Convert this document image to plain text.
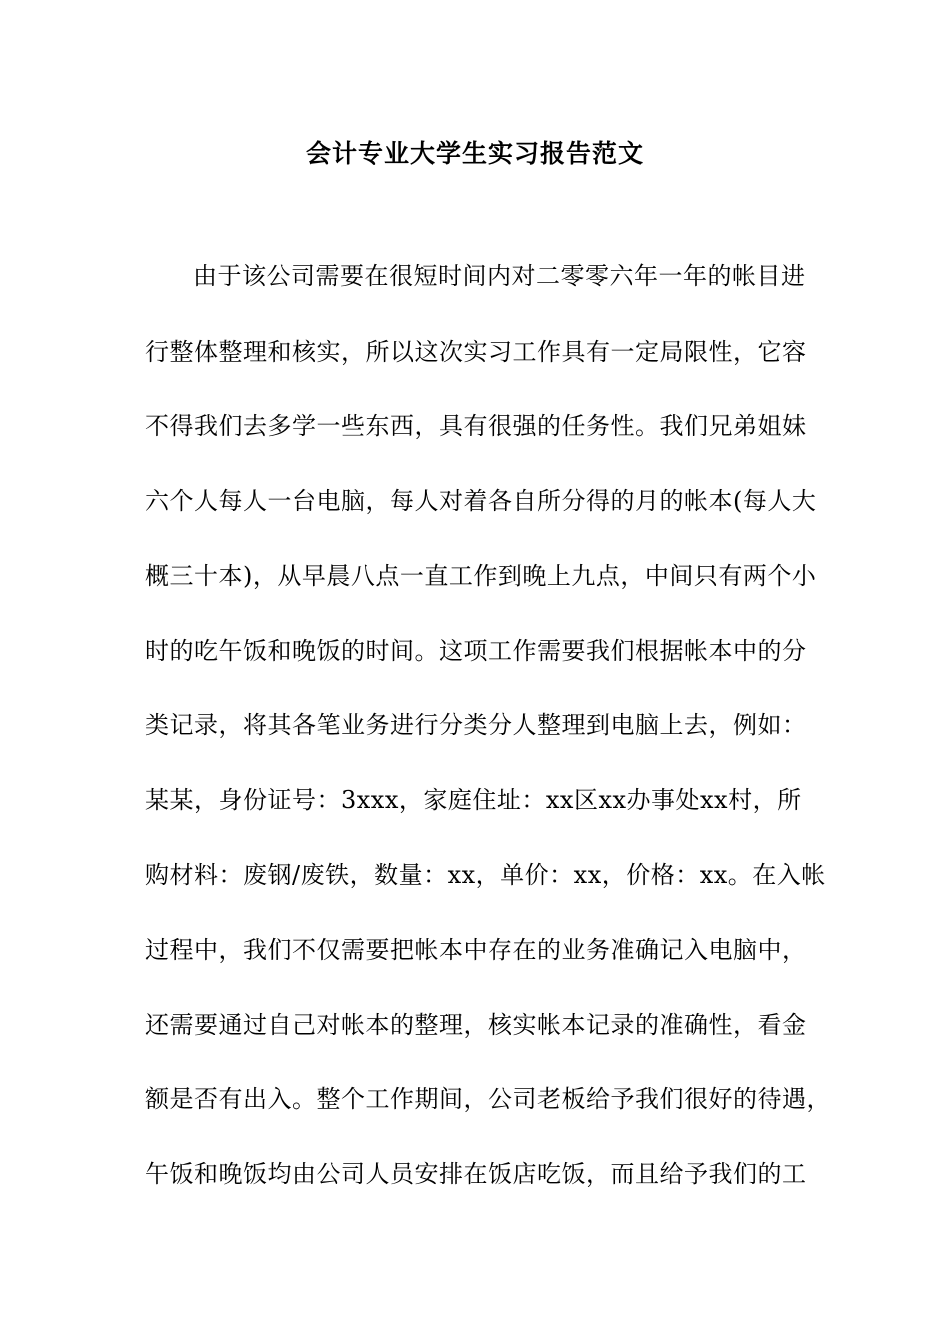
会计专业大学生实习报告范文
由于该公司需要在很短时间内对二零零六年一年的帐目进
行整体整理和核实，所以这次实习工作具有一定局限性，它容
不得我们去多学一些东西，具有很强的任务性。我们兄弟姐妹
六个人每人一台电脑，每人对着各自所分得的月的帐本(每人大
概三十本)，从早晨八点一直工作到晚上九点，中间只有两个小
时的吃午饭和晚饭的时间。这项工作需要我们根据帐本中的分
类记录，将其各笔业务进行分类分人整理到电脑上去，例如：
某某，身份证号：3xxx，家庭住址：xx区xx办事处xx村，所
购材料：废钢/废铁，数量：xx，单价：xx，价格：xx。在入帐
过程中，我们不仅需要把帐本中存在的业务准确记入电脑中，
还需要通过自己对帐本的整理，核实帐本记录的准确性，看金
额是否有出入。整个工作期间，公司老板给予我们很好的待遇，
午饭和晚饭均由公司人员安排在饭店吃饭，而且给予我们的工
